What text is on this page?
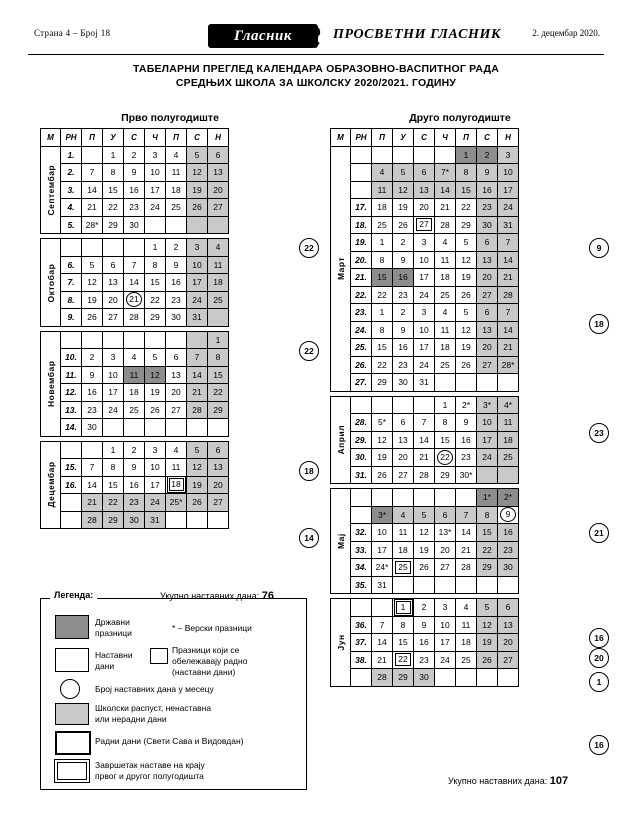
Страна 4 – Број 18	Гласник	ПРОСВЕТНИ ГЛАСНИК	2. децембар 2020.
ТАБЕЛАРНИ ПРЕГЛЕД КАЛЕНДАРА ОБРАЗОВНО-ВАСПИТНОГ РАДА
СРЕДЊИХ ШКОЛА ЗА ШКОЛСКУ 2020/2021. ГОДИНУ
Прво полугодиште	Друго полугодиште
М	РН	П	У	С	Ч	П	С	Н
Септембар	1.		1	2	3	4	5	6
	2.	7	8	9	10	11	12	13
	3.	14	15	16	17	18	19	20
	4.	21	22	23	24	25	26	27
	5.	28*	29	30				

Октобар					1	2	3	4
	6.	5	6	7	8	9	10	11
	7.	12	13	14	15	16	17	18
	8.	19	20	21	22	23	24	25
	9.	26	27	28	29	30	31	

Новембар								1
	10.	2	3	4	5	6	7	8
	11.	9	10	11	12	13	14	15
	12.	16	17	18	19	20	21	22
	13.	23	24	25	26	27	28	29
	14.	30						

Децембар			1	2	3	4	5	6
	15.	7	8	9	10	11	12	13
	16.	14	15	16	17	18	19	20
		21	22	23	24	25*	26	27
		28	29	30	31			
М	РН	П	У	С	Ч	П	С	Н
Март						1	2	3
		4	5	6	7*	8	9	10
		11	12	13	14	15	16	17
	17.	18	19	20	21	22	23	24
	18.	25	26	27	28	29	30	31
	19.	1	2	3	4	5	6	7
	20.	8	9	10	11	12	13	14
	21.	15	16	17	18	19	20	21
	22.	22	23	24	25	26	27	28
	23.	1	2	3	4	5	6	7
	24.	8	9	10	11	12	13	14
	25.	15	16	17	18	19	20	21
	26.	22	23	24	25	26	27	28*
	27.	29	30	31				

Април					1	2*	3*	4*
	28.	5*	6	7	8	9	10	11
	29.	12	13	14	15	16	17	18
	30.	19	20	21	22	23	24	25
	31.	26	27	28	29	30*		

Мај							1*	2*
		3*	4	5	6	7	8	9
	32.	10	11	12	13*	14	15	16
	33.	17	18	19	20	21	22	23
	34.	24*	25	26	27	28	29	30
	35.	31						

Јун			1	2	3	4	5	6
	36.	7	8	9	10	11	12	13
	37.	14	15	16	17	18	19	20
	38.	21	22	23	24	25	26	27
		28	29	30				
22
22
18
14
9
18
23
21
16
20
1
16
Укупно наставних дана: 76
Укупно наставних дана: 107
Легенда:
Државни
празници	* – Верски празници
Наставни
дани
Празници који се
обележавају радно
(наставни дани)
Број наставних дана у месецу
Школски распуст, ненаставна
или нерадни дани
Радни дани (Свети Сава и Видовдан)
Завршетак наставе на крају
првог и другог полугодишта
